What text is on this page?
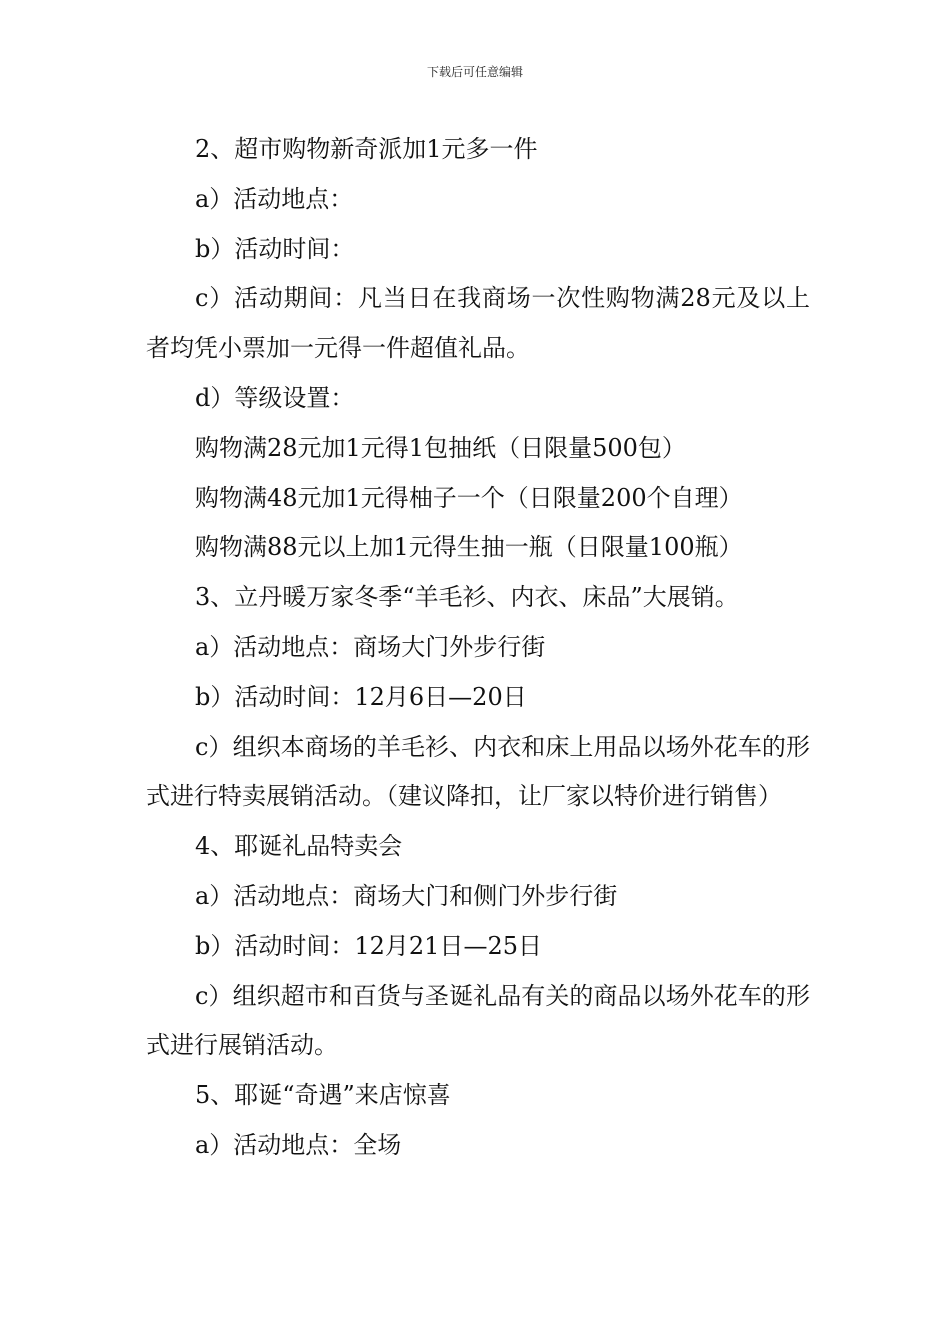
下载后可任意编辑

2、超市购物新奇派加1元多一件

a）活动地点：

b）活动时间：

c）活动期间：凡当日在我商场一次性购物满28元及以上者均凭小票加一元得一件超值礼品。

d）等级设置：

购物满28元加1元得1包抽纸（日限量500包）

购物满48元加1元得柚子一个（日限量200个自理）

购物满88元以上加1元得生抽一瓶（日限量100瓶）

3、立丹暖万家冬季“羊毛衫、内衣、床品”大展销。

a）活动地点：商场大门外步行街

b）活动时间：12月6日—20日

c）组织本商场的羊毛衫、内衣和床上用品以场外花车的形式进行特卖展销活动。（建议降扣，让厂家以特价进行销售）

4、耶诞礼品特卖会

a）活动地点：商场大门和侧门外步行街

b）活动时间：12月21日—25日

c）组织超市和百货与圣诞礼品有关的商品以场外花车的形式进行展销活动。

5、耶诞“奇遇”来店惊喜

a）活动地点：全场
